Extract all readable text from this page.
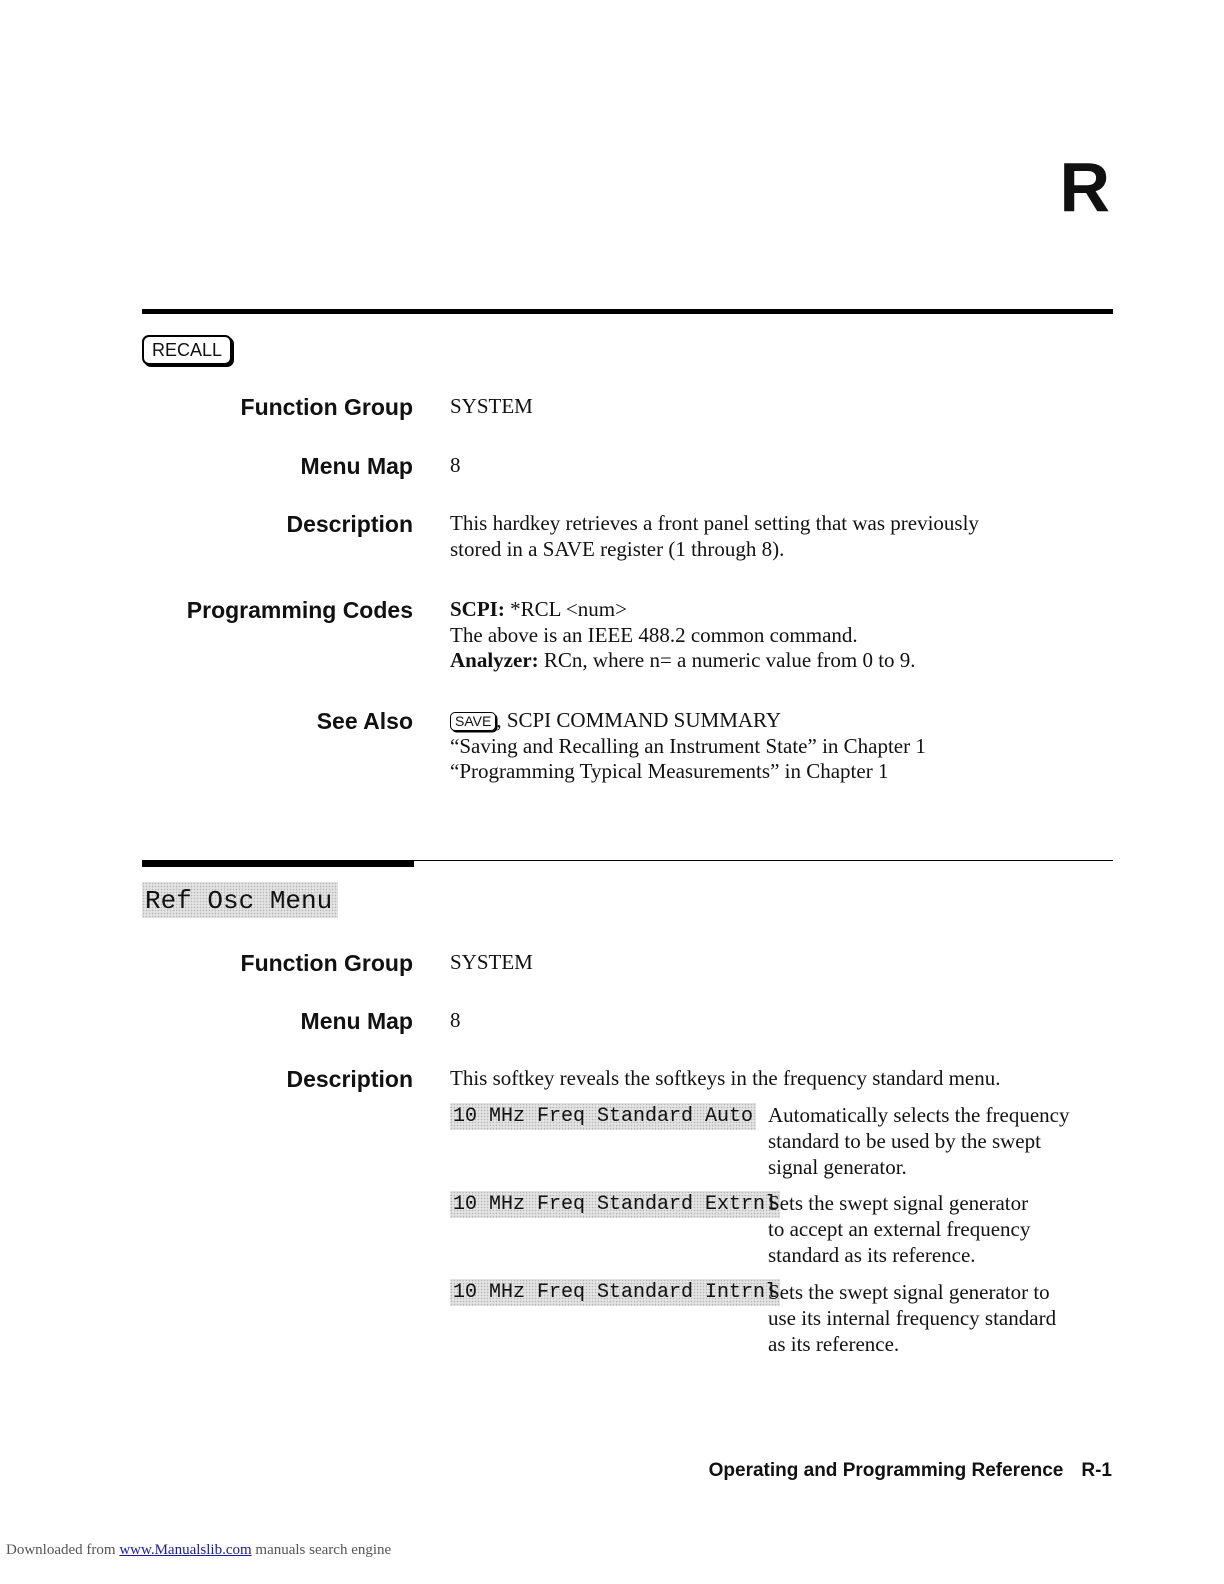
R
RECALL
Function Group SYSTEM
Menu Map 8
Description This hardkey retrieves a front panel setting that was previously
stored in a SAVE register (1 through 8).
Programming Codes SCPI: *RCL <num>
The above is an IEEE 488.2 common command.
Analyzer: RCn, where n= a numeric value from 0 to 9.
See Also	SAVE , SCPI COMMAND SUMMARY
“Saving and Recalling an Instrument State” in Chapter 1
“Programming Typical Measurements” in Chapter 1
Ref Osc Menu
Function Group SYSTEM
Menu Map 8
Description This softkey reveals the softkeys in the frequency standard menu.
10 MHz Freq Standard Auto Automatically selects the frequency
standard to be used by the swept
signal generator.
10 MHz Freq Standard Extrnl
Sets the swept signal generator
to accept an external frequency
standard as its reference.
10 MHz Freq Standard Intrnl
Sets the swept signal generator to
use its internal frequency standard
as its reference.
Operating and Programming Reference R-1
Downloaded from www.Manualslib.com manuals search engine
